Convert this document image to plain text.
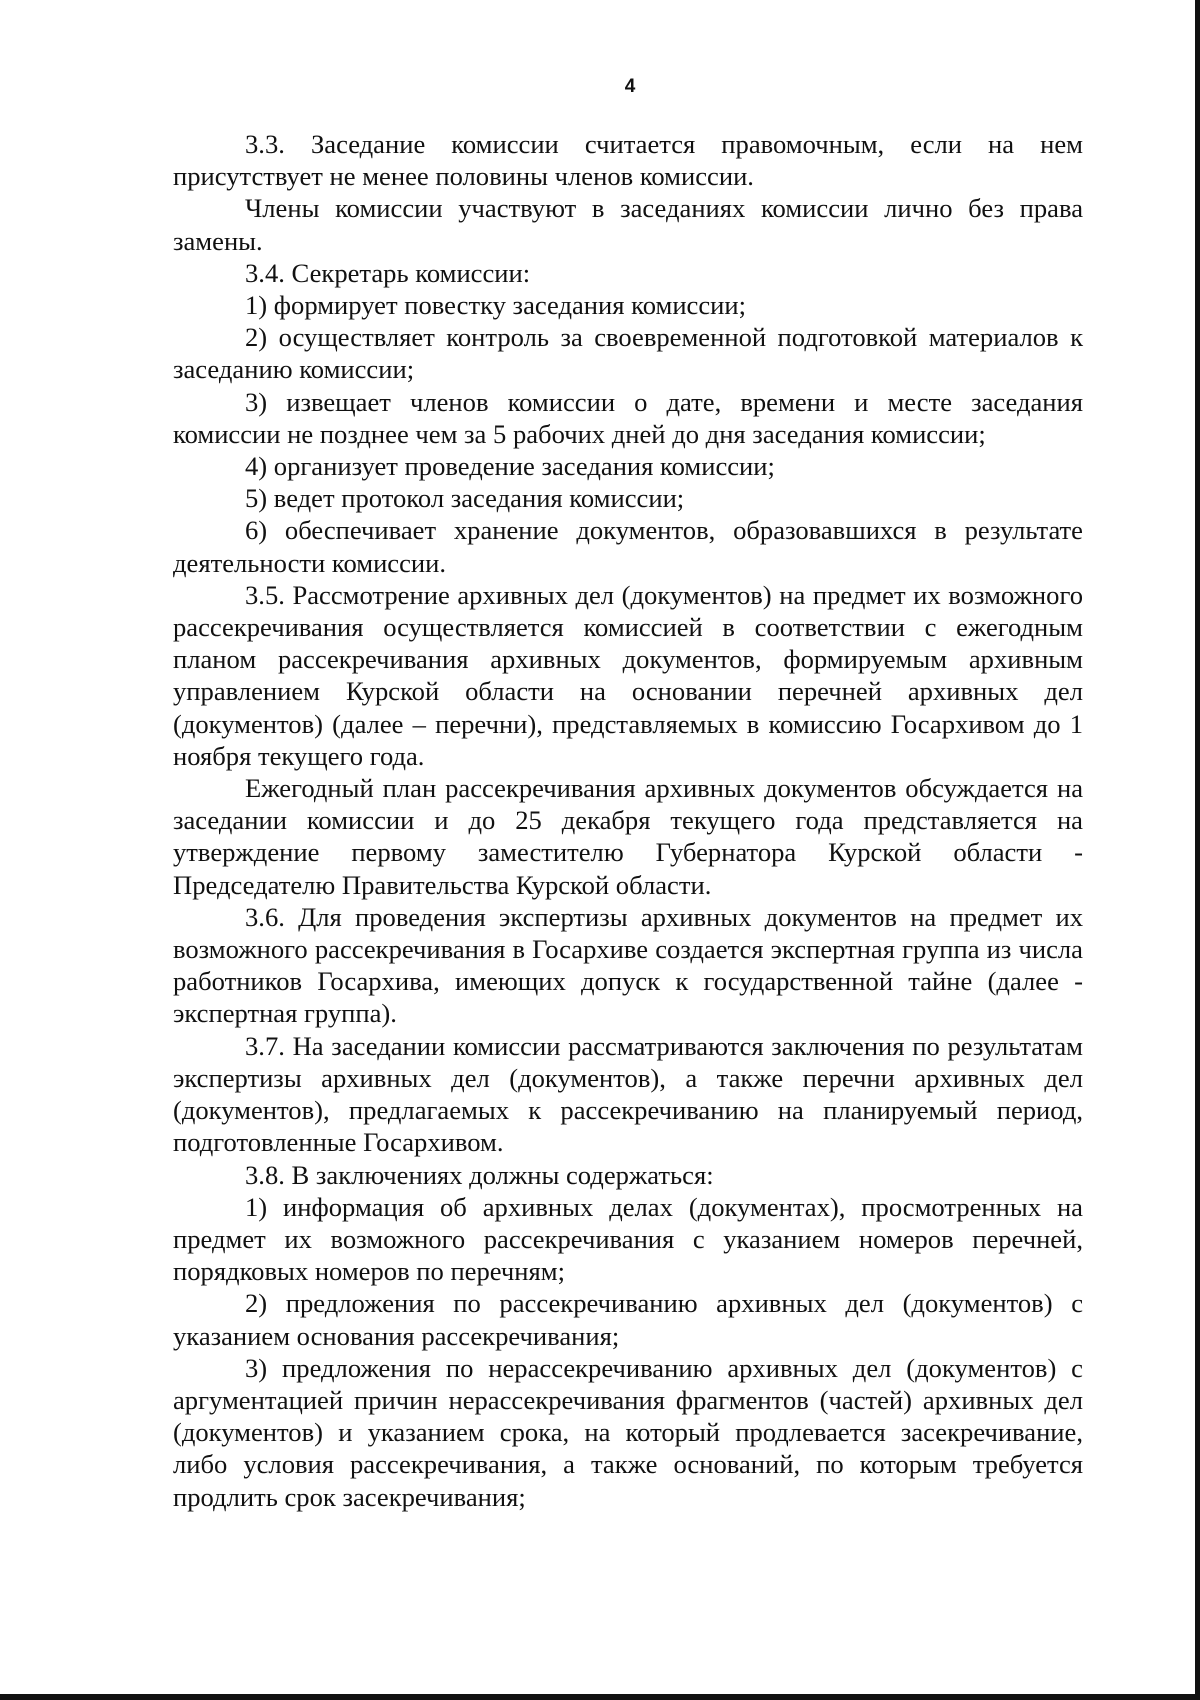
4

3.3. Заседание комиссии считается правомочным, если на нем присутствует не менее половины членов комиссии.

Члены комиссии участвуют в заседаниях комиссии лично без права замены.

3.4. Секретарь комиссии:

1) формирует повестку заседания комиссии;

2) осуществляет контроль за своевременной подготовкой материалов к заседанию комиссии;

3) извещает членов комиссии о дате, времени и месте заседания комиссии не позднее чем за 5 рабочих дней до дня заседания комиссии;

4) организует проведение заседания комиссии;

5) ведет протокол заседания комиссии;

6) обеспечивает хранение документов, образовавшихся в результате деятельности комиссии.

3.5. Рассмотрение архивных дел (документов) на предмет их возможного рассекречивания осуществляется комиссией в соответствии с ежегодным планом рассекречивания архивных документов, формируемым архивным управлением Курской области на основании перечней архивных дел (документов) (далее – перечни), представляемых в комиссию Госархивом до 1 ноября текущего года.

Ежегодный план рассекречивания архивных документов обсуждается на заседании комиссии и до 25 декабря текущего года представляется на утверждение первому заместителю Губернатора Курской области - Председателю Правительства Курской области.

3.6. Для проведения экспертизы архивных документов на предмет их возможного рассекречивания в Госархиве создается экспертная группа из числа работников Госархива, имеющих допуск к государственной тайне (далее - экспертная группа).

3.7. На заседании комиссии рассматриваются заключения по результатам экспертизы архивных дел (документов), а также перечни архивных дел (документов), предлагаемых к рассекречиванию на планируемый период, подготовленные Госархивом.

3.8. В заключениях должны содержаться:

1) информация об архивных делах (документах), просмотренных на предмет их возможного рассекречивания с указанием номеров перечней, порядковых номеров по перечням;

2) предложения по рассекречиванию архивных дел (документов) с указанием основания рассекречивания;

3) предложения по нерассекречиванию архивных дел (документов) с аргументацией причин нерассекречивания фрагментов (частей) архивных дел (документов) и указанием срока, на который продлевается засекречивание, либо условия рассекречивания, а также оснований, по которым требуется продлить срок засекречивания;
